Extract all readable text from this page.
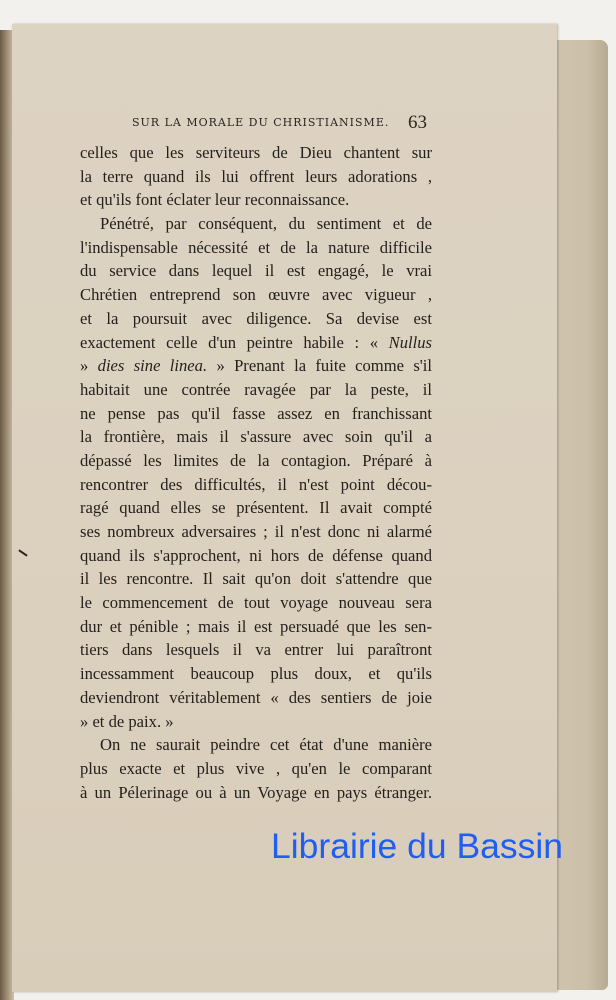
SUR LA MORALE DU CHRISTIANISME. 63
celles que les serviteurs de Dieu chantent sur
la terre quand ils lui offrent leurs adorations ,
et qu'ils font éclater leur reconnaissance.
Pénétré, par conséquent, du sentiment et de
l'indispensable nécessité et de la nature difficile
du service dans lequel il est engagé, le vrai
Chrétien entreprend son œuvre avec vigueur ,
et la poursuit avec diligence. Sa devise est
exactement celle d'un peintre habile : « Nullus
» dies sine linea. » Prenant la fuite comme s'il
habitait une contrée ravagée par la peste, il
ne pense pas qu'il fasse assez en franchissant
la frontière, mais il s'assure avec soin qu'il a
dépassé les limites de la contagion. Préparé à
rencontrer des difficultés, il n'est point décou-
ragé quand elles se présentent. Il avait compté
ses nombreux adversaires ; il n'est donc ni alarmé
quand ils s'approchent, ni hors de défense quand
il les rencontre. Il sait qu'on doit s'attendre que
le commencement de tout voyage nouveau sera
dur et pénible ; mais il est persuadé que les sen-
tiers dans lesquels il va entrer lui paraîtront
incessamment beaucoup plus doux, et qu'ils
deviendront véritablement « des sentiers de joie
» et de paix. »
On ne saurait peindre cet état d'une manière
plus exacte et plus vive , qu'en le comparant
à un Pélerinage ou à un Voyage en pays étranger.
Librairie du Bassin
